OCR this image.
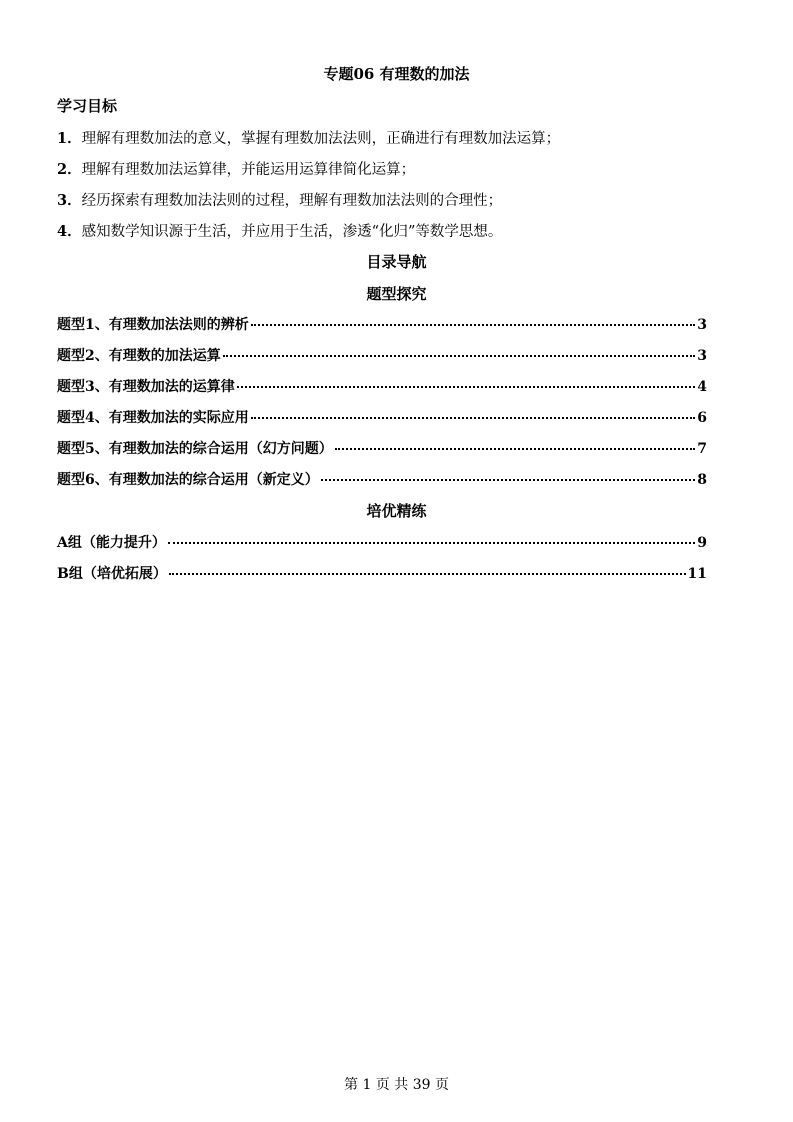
专题06 有理数的加法
学习目标
1．理解有理数加法的意义，掌握有理数加法法则，正确进行有理数加法运算；
2．理解有理数加法运算律，并能运用运算律简化运算；
3．经历探索有理数加法法则的过程，理解有理数加法法则的合理性；
4．感知数学知识源于生活，并应用于生活，渗透“化归”等数学思想。
目录导航
题型探究
题型1、有理数加法法则的辨析	3
题型2、有理数的加法运算	3
题型3、有理数加法的运算律	4
题型4、有理数加法的实际应用	6
题型5、有理数加法的综合运用（幻方问题）	7
题型6、有理数加法的综合运用（新定义）	8
培优精练
A组（能力提升）	9
B组（培优拓展）	11
第 1 页 共 39 页
